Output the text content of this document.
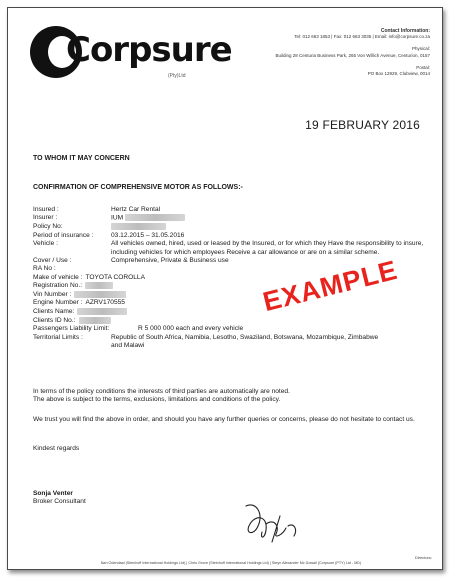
Corpsure
(Pty)Ltd
Contact Information:
Tel: 012 663 1853 | Fax: 012 663 3035 | Email: info@corpsure.co.za
Physical:
Building 28 Centuria Business Park, 265 Von Willich Avenue, Centurion, 0157
Postal:
PO Box 12929, Clubview, 0014
19 FEBRUARY 2016
TO WHOM IT MAY CONCERN
CONFIRMATION OF COMPREHENSIVE MOTOR AS FOLLOWS:-
Insured :	Hertz Car Rental
Insurer :	IUM
Policy No:
Period of insurance :	03.12.2015 – 31.05.2016
Vehicle :	All vehicles owned, hired, used or leased by the Insured, or for which they Have the responsibility to insure, including vehicles for which employees Receive a car allowance or are on a similar scheme.
Cover / Use :	Comprehensive, Private & Business use
RA No :
Make of vehicle : TOYOTA COROLLA
Registration No.:
Vin Number :
Engine Number : AZRV170555
Clients Name:
Clients ID No.:
Passengers Liability Limit:	R 5 000 000 each and every vehicle
Territorial Limits :	Republic of South Africa, Namibia, Lesotho, Swaziland, Botswana, Mozambique, Zimbabwe and Malawi
EXAMPLE
In terms of the policy conditions the interests of third parties are automatically are noted.
The above is subject to the terms, exclusions, limitations and conditions of the policy.
We trust you will find the above in order, and should you have any further queries or concerns, please do not hesitate to contact us.
Kindest regards
Sonja Venter
Broker Consultant
Directors:
Nan Odendaal (Steinhoff International Holdings Ltd) | Chris Grove (Steinhoff International Holdings Ltd) | Steyn Alexander Mc Dowall (Corpsure (PTY) Ltd - MD)
